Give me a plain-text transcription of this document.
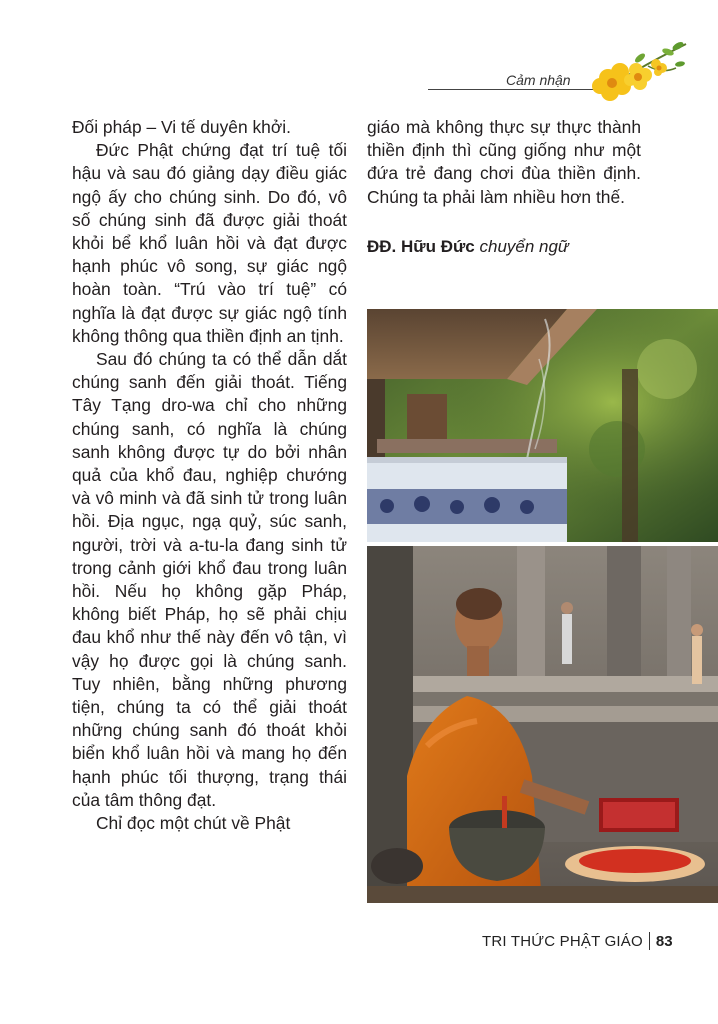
Cảm nhận

Đối pháp – Vi tế duyên khởi.

Đức Phật chứng đạt trí tuệ tối hậu và sau đó giảng dạy điều giác ngộ ấy cho chúng sinh. Do đó, vô số chúng sinh đã được giải thoát khỏi bể khổ luân hồi và đạt được hạnh phúc vô song, sự giác ngộ hoàn toàn. “Trú vào trí tuệ” có nghĩa là đạt được sự giác ngộ tính không thông qua thiền định an tịnh.

Sau đó chúng ta có thể dẫn dắt chúng sanh đến giải thoát. Tiếng Tây Tạng dro-wa chỉ cho những chúng sanh, có nghĩa là chúng sanh không được tự do bởi nhân quả của khổ đau, nghiệp chướng và vô minh và đã sinh tử trong luân hồi. Địa ngục, ngạ quỷ, súc sanh, người, trời và a-tu-la đang sinh tử trong cảnh giới khổ đau trong luân hồi. Nếu họ không gặp Pháp, không biết Pháp, họ sẽ phải chịu đau khổ như thế này đến vô tận, vì vậy họ được gọi là chúng sanh. Tuy nhiên, bằng những phương tiện, chúng ta có thể giải thoát những chúng sanh đó thoát khỏi biển khổ luân hồi và mang họ đến hạnh phúc tối thượng, trạng thái của tâm thông đạt.

Chỉ đọc một chút về Phật

giáo mà không thực sự thực thành thiền định thì cũng giống như một đứa trẻ đang chơi đùa thiền định. Chúng ta phải làm nhiều hơn thế.

ĐĐ. Hữu Đức chuyển ngữ

TRI THỨC PHẬT GIÁO 83
